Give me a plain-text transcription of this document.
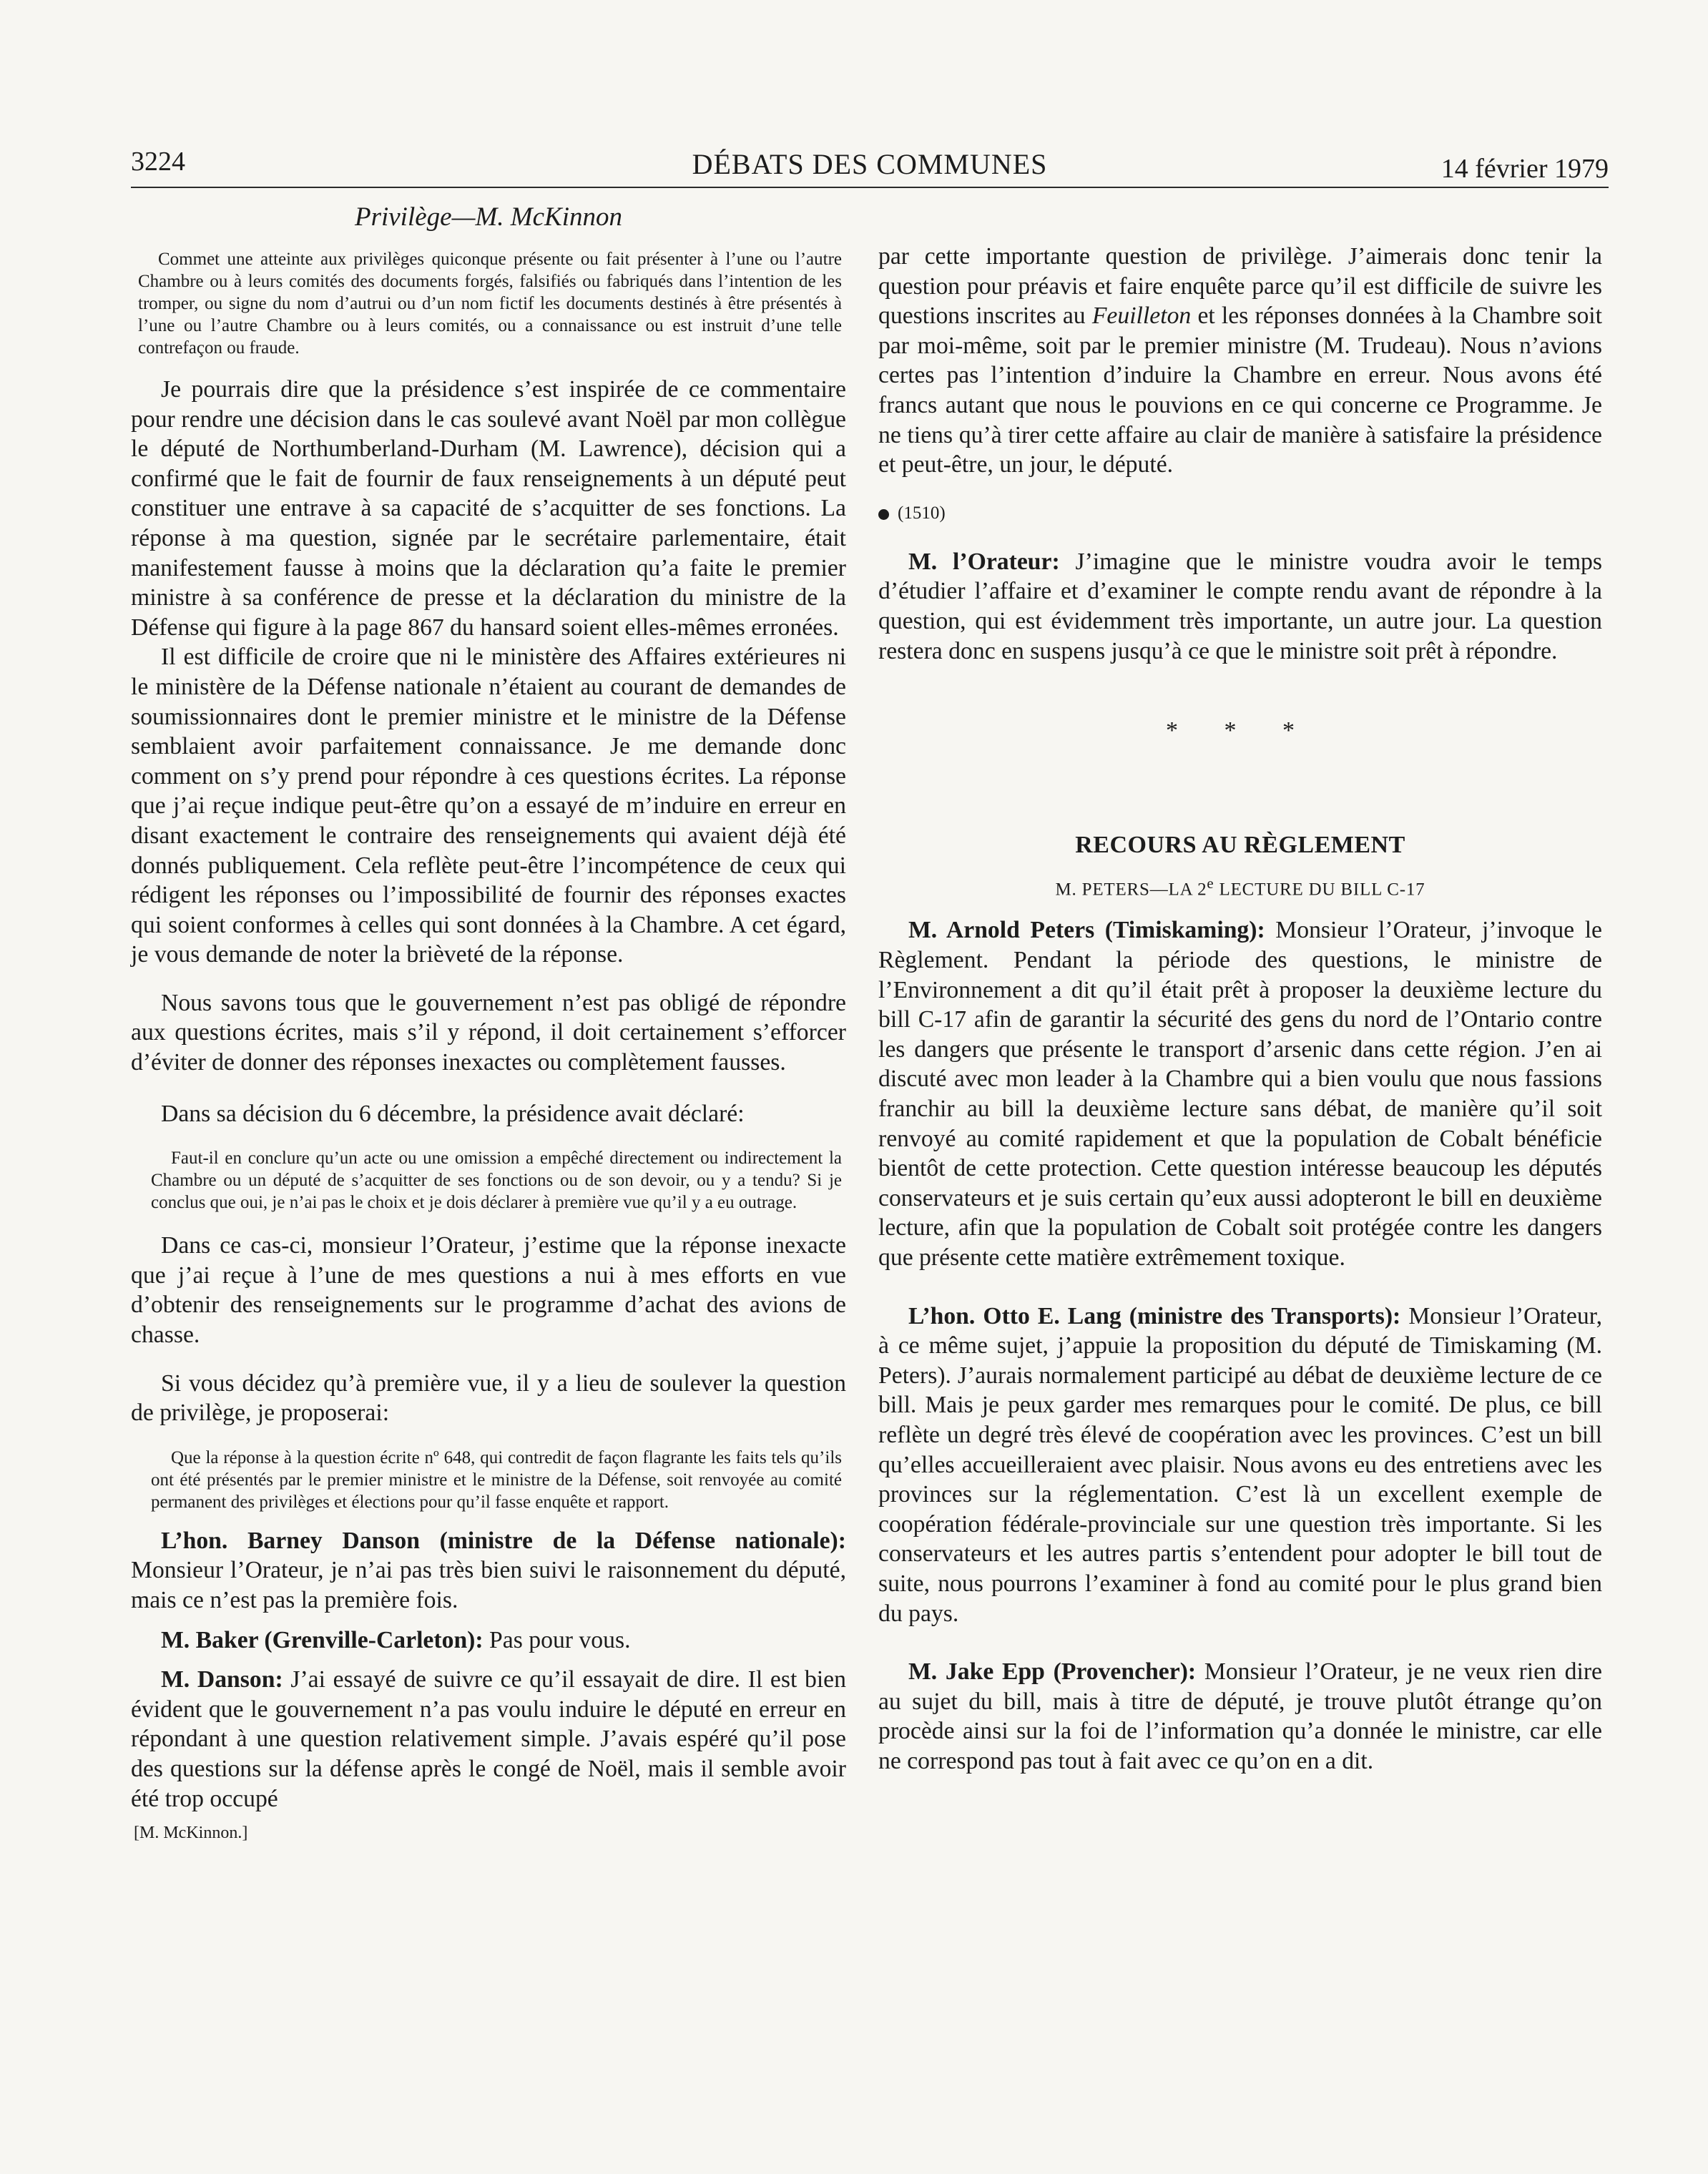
3224	DÉBATS DES COMMUNES	14 février 1979
Privilège—M. McKinnon

Commet une atteinte aux privilèges quiconque présente ou fait présenter à l’une ou l’autre Chambre ou à leurs comités des documents forgés, falsifiés ou fabriqués dans l’intention de les tromper, ou signe du nom d’autrui ou d’un nom fictif les documents destinés à être présentés à l’une ou l’autre Chambre ou à leurs comités, ou a connaissance ou est instruit d’une telle contrefaçon ou fraude.

Je pourrais dire que la présidence s’est inspirée de ce commentaire pour rendre une décision dans le cas soulevé avant Noël par mon collègue le député de Northumberland-Durham (M. Lawrence), décision qui a confirmé que le fait de fournir de faux renseignements à un député peut constituer une entrave à sa capacité de s’acquitter de ses fonctions. La réponse à ma question, signée par le secrétaire parlementaire, était manifestement fausse à moins que la déclaration qu’a faite le premier ministre à sa conférence de presse et la déclaration du ministre de la Défense qui figure à la page 867 du hansard soient elles-mêmes erronées.

Il est difficile de croire que ni le ministère des Affaires extérieures ni le ministère de la Défense nationale n’étaient au courant de demandes de soumissionnaires dont le premier ministre et le ministre de la Défense semblaient avoir parfaitement connaissance. Je me demande donc comment on s’y prend pour répondre à ces questions écrites. La réponse que j’ai reçue indique peut-être qu’on a essayé de m’induire en erreur en disant exactement le contraire des renseignements qui avaient déjà été donnés publiquement. Cela reflète peut-être l’incompétence de ceux qui rédigent les réponses ou l’impossibilité de fournir des réponses exactes qui soient conformes à celles qui sont données à la Chambre. A cet égard, je vous demande de noter la brièveté de la réponse.

Nous savons tous que le gouvernement n’est pas obligé de répondre aux questions écrites, mais s’il y répond, il doit certainement s’efforcer d’éviter de donner des réponses inexactes ou complètement fausses.

Dans sa décision du 6 décembre, la présidence avait déclaré:

Faut-il en conclure qu’un acte ou une omission a empêché directement ou indirectement la Chambre ou un député de s’acquitter de ses fonctions ou de son devoir, ou y a tendu? Si je conclus que oui, je n’ai pas le choix et je dois déclarer à première vue qu’il y a eu outrage.

Dans ce cas-ci, monsieur l’Orateur, j’estime que la réponse inexacte que j’ai reçue à l’une de mes questions a nui à mes efforts en vue d’obtenir des renseignements sur le programme d’achat des avions de chasse.

Si vous décidez qu’à première vue, il y a lieu de soulever la question de privilège, je proposerai:

Que la réponse à la question écrite nº 648, qui contredit de façon flagrante les faits tels qu’ils ont été présentés par le premier ministre et le ministre de la Défense, soit renvoyée au comité permanent des privilèges et élections pour qu’il fasse enquête et rapport.

L’hon. Barney Danson (ministre de la Défense nationale): Monsieur l’Orateur, je n’ai pas très bien suivi le raisonnement du député, mais ce n’est pas la première fois.

M. Baker (Grenville-Carleton): Pas pour vous.

M. Danson: J’ai essayé de suivre ce qu’il essayait de dire. Il est bien évident que le gouvernement n’a pas voulu induire le député en erreur en répondant à une question relativement simple. J’avais espéré qu’il pose des questions sur la défense après le congé de Noël, mais il semble avoir été trop occupé

[M. McKinnon.]

par cette importante question de privilège. J’aimerais donc tenir la question pour préavis et faire enquête parce qu’il est difficile de suivre les questions inscrites au Feuilleton et les réponses données à la Chambre soit par moi-même, soit par le premier ministre (M. Trudeau). Nous n’avions certes pas l’intention d’induire la Chambre en erreur. Nous avons été francs autant que nous le pouvions en ce qui concerne ce Programme. Je ne tiens qu’à tirer cette affaire au clair de manière à satisfaire la présidence et peut-être, un jour, le député.

(1510)

M. l’Orateur: J’imagine que le ministre voudra avoir le temps d’étudier l’affaire et d’examiner le compte rendu avant de répondre à la question, qui est évidemment très importante, un autre jour. La question restera donc en suspens jusqu’à ce que le ministre soit prêt à répondre.

* * *
RECOURS AU RÈGLEMENT
M. PETERS—LA 2e LECTURE DU BILL C-17

M. Arnold Peters (Timiskaming): Monsieur l’Orateur, j’invoque le Règlement. Pendant la période des questions, le ministre de l’Environnement a dit qu’il était prêt à proposer la deuxième lecture du bill C-17 afin de garantir la sécurité des gens du nord de l’Ontario contre les dangers que présente le transport d’arsenic dans cette région. J’en ai discuté avec mon leader à la Chambre qui a bien voulu que nous fassions franchir au bill la deuxième lecture sans débat, de manière qu’il soit renvoyé au comité rapidement et que la population de Cobalt bénéficie bientôt de cette protection. Cette question intéresse beaucoup les députés conservateurs et je suis certain qu’eux aussi adopteront le bill en deuxième lecture, afin que la population de Cobalt soit protégée contre les dangers que présente cette matière extrêmement toxique.

L’hon. Otto E. Lang (ministre des Transports): Monsieur l’Orateur, à ce même sujet, j’appuie la proposition du député de Timiskaming (M. Peters). J’aurais normalement participé au débat de deuxième lecture de ce bill. Mais je peux garder mes remarques pour le comité. De plus, ce bill reflète un degré très élevé de coopération avec les provinces. C’est un bill qu’elles accueilleraient avec plaisir. Nous avons eu des entretiens avec les provinces sur la réglementation. C’est là un excellent exemple de coopération fédérale-provinciale sur une question très importante. Si les conservateurs et les autres partis s’entendent pour adopter le bill tout de suite, nous pourrons l’examiner à fond au comité pour le plus grand bien du pays.

M. Jake Epp (Provencher): Monsieur l’Orateur, je ne veux rien dire au sujet du bill, mais à titre de député, je trouve plutôt étrange qu’on procède ainsi sur la foi de l’information qu’a donnée le ministre, car elle ne correspond pas tout à fait avec ce qu’on en a dit.
